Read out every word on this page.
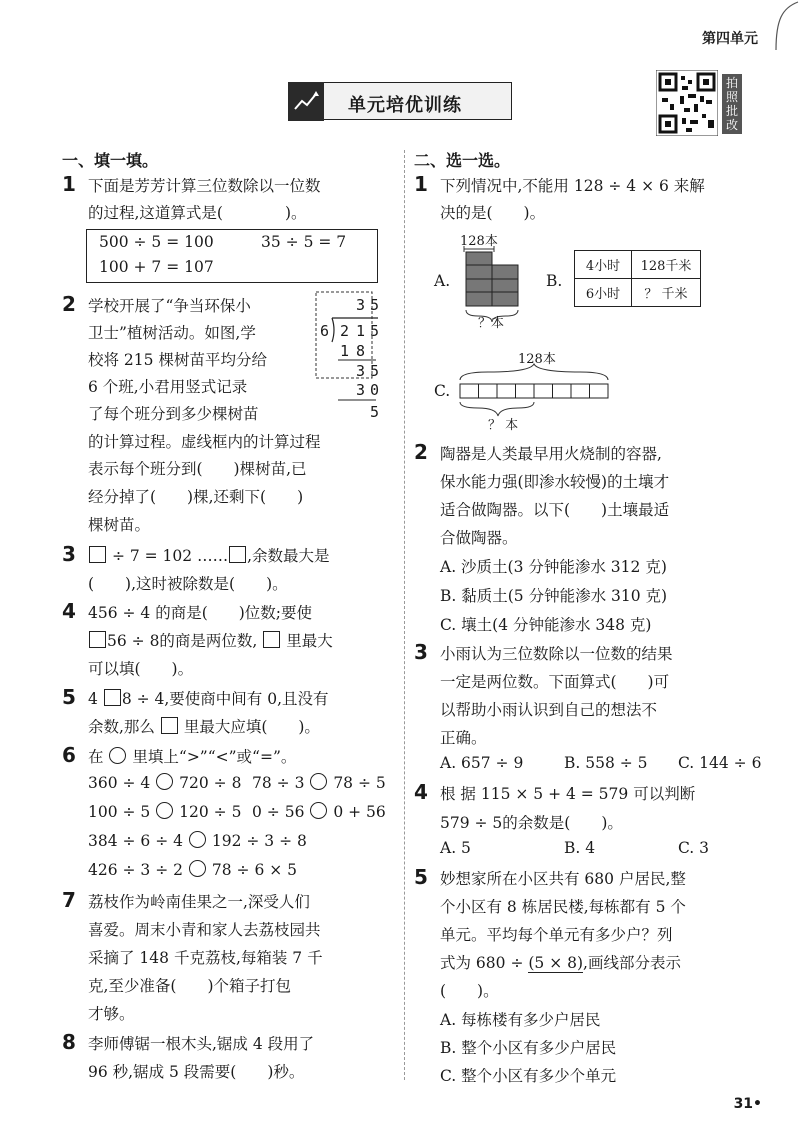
第四单元
单元培优训练
拍照批改
一、填一填。
1 下面是芳芳计算三位数除以一位数
的过程,这道算式是(　　　　)。
500 ÷ 5 = 100	35 ÷ 5 = 7
100 + 7 = 107
2 学校开展了“争当环保小
卫士”植树活动。如图,学
校将 215 棵树苗平均分给
6 个班,小君用竖式记录
了每个班分到多少棵树苗
的计算过程。虚线框内的计算过程
表示每个班分到(　　)棵树苗,已
经分掉了(　　)棵,还剩下(　　)
棵树苗。
3 5
6 2 1 5
1 8
3 5
3 0
5
3	÷ 7 = 102 …… ,余数最大是
(　　),这时被除数是(　　)。
4 456 ÷ 4 的商是(　　)位数;要使
56 ÷ 8的商是两位数, 里最大
可以填(　　)。
5 4 8 ÷ 4,要使商中间有 0,且没有
余数,那么 里最大应填(　　)。
6 在 里填上“>”“<”或“=”。
360 ÷ 4 720 ÷ 8 78 ÷ 3 78 ÷ 5
100 ÷ 5 120 ÷ 5 0 ÷ 56 0 + 56
384 ÷ 6 ÷ 4 192 ÷ 3 ÷ 8
426 ÷ 3 ÷ 2 78 ÷ 6 × 5
7 荔枝作为岭南佳果之一,深受人们
喜爱。周末小青和家人去荔枝园共
采摘了 148 千克荔枝,每箱装 7 千
克,至少准备(　　)个箱子打包
才够。
8 李师傅锯一根木头,锯成 4 段用了
96 秒,锯成 5 段需要(　　)秒。
二、选一选。
1 下列情况中,不能用 128 ÷ 4 × 6 来解
决的是(　　)。
A.
128本
？本
B.
4小时	128千米
6小时	？ 千米
C.
128本
？ 本
2 陶器是人类最早用火烧制的容器,
保水能力强(即渗水较慢)的土壤才
适合做陶器。以下(　　)土壤最适
合做陶器。
A. 沙质土(3 分钟能渗水 312 克)
B. 黏质土(5 分钟能渗水 310 克)
C. 壤土(4 分钟能渗水 348 克)
3 小雨认为三位数除以一位数的结果
一定是两位数。下面算式(　　)可
以帮助小雨认识到自己的想法不
正确。
A. 657 ÷ 9	B. 558 ÷ 5 C. 144 ÷ 6
4 根 据 115 × 5 + 4 = 579 可以判断
579 ÷ 5的余数是(　　)。
A. 5	B. 4	C. 3
5 妙想家所在小区共有 680 户居民,整
个小区有 8 栋居民楼,每栋都有 5 个
单元。平均每个单元有多少户？列
式为 680 ÷ (5 × 8),画线部分表示
(　　)。
A. 每栋楼有多少户居民
B. 整个小区有多少户居民
C. 整个小区有多少个单元
31•
